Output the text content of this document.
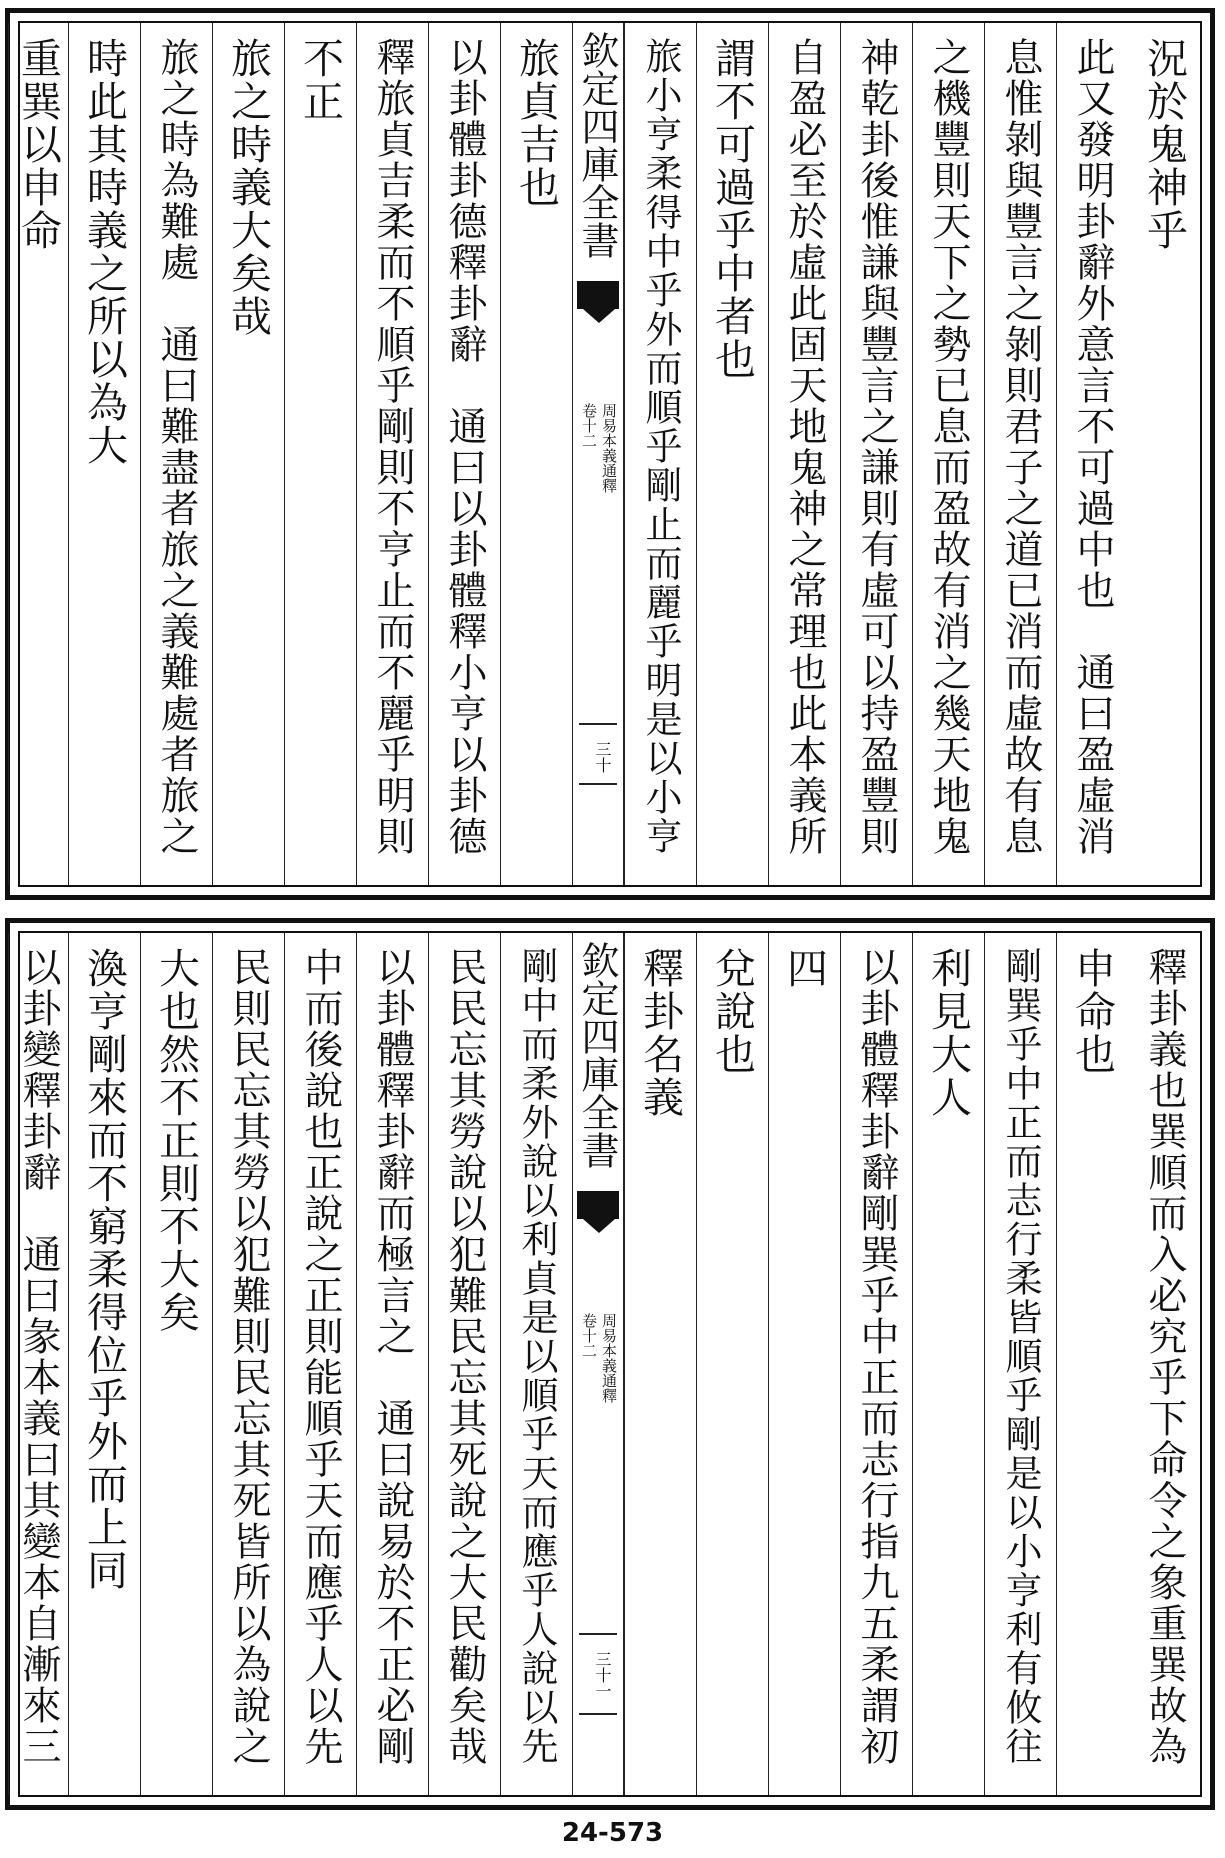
況於鬼神乎
此又發明卦辭外意言不可過中也　通曰盈虛消
息惟剝與豐言之剝則君子之道已消而虛故有息
之機豐則天下之勢已息而盈故有消之幾天地鬼
神乾卦後惟謙與豐言之謙則有虛可以持盈豐則
自盈必至於虛此固天地鬼神之常理也此本義所
謂不可過乎中者也
旅小亨柔得中乎外而順乎剛止而麗乎明是以小亨
欽定四庫全書
周易本義通釋
卷十二
三十
旅貞吉也
以卦體卦德釋卦辭　通曰以卦體釋小亨以卦德
釋旅貞吉柔而不順乎剛則不亨止而不麗乎明則
不正
旅之時義大矣哉
旅之時為難處　通曰難盡者旅之義難處者旅之
時此其時義之所以為大
重巽以申命
釋卦義也巽順而入必究乎下命令之象重巽故為
申命也
剛巽乎中正而志行柔皆順乎剛是以小亨利有攸往
利見大人
以卦體釋卦辭剛巽乎中正而志行指九五柔謂初
四
兌說也
釋卦名義
欽定四庫全書
周易本義通釋
卷十二
三十一
剛中而柔外說以利貞是以順乎天而應乎人說以先
民民忘其勞說以犯難民忘其死說之大民勸矣哉
以卦體釋卦辭而極言之　通曰說易於不正必剛
中而後說也正說之正則能順乎天而應乎人以先
民則民忘其勞以犯難則民忘其死皆所以為說之
大也然不正則不大矣
渙亨剛來而不窮柔得位乎外而上同
以卦變釋卦辭　通曰彖本義曰其變本自漸來三
24-573
